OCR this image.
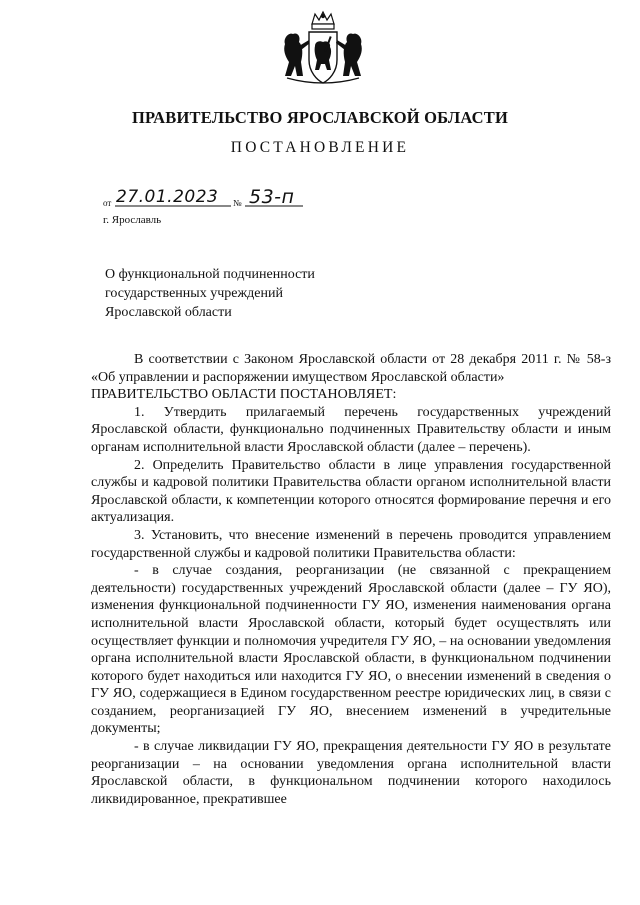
ПРАВИТЕЛЬСТВО ЯРОСЛАВСКОЙ ОБЛАСТИ
ПОСТАНОВЛЕНИЕ
от 27.01.2023 № 53-п
г. Ярославль
О функциональной подчиненности
государственных учреждений
Ярославской области

В соответствии с Законом Ярославской области от 28 декабря 2011 г. № 58-з «Об управлении и распоряжении имуществом Ярославской области»

ПРАВИТЕЛЬСТВО ОБЛАСТИ ПОСТАНОВЛЯЕТ:

1. Утвердить прилагаемый перечень государственных учреждений Ярославской области, функционально подчиненных Правительству области и иным органам исполнительной власти Ярославской области (далее – перечень).

2. Определить Правительство области в лице управления государственной службы и кадровой политики Правительства области органом исполнительной власти Ярославской области, к компетенции которого относятся формирование перечня и его актуализация.

3. Установить, что внесение изменений в перечень проводится управлением государственной службы и кадровой политики Правительства области:

- в случае создания, реорганизации (не связанной с прекращением деятельности) государственных учреждений Ярославской области (далее – ГУ ЯО), изменения функциональной подчиненности ГУ ЯО, изменения наименования органа исполнительной власти Ярославской области, который будет осуществлять или осуществляет функции и полномочия учредителя ГУ ЯО, – на основании уведомления органа исполнительной власти Ярославской области, в функциональном подчинении которого будет находиться или находится ГУ ЯО, о внесении изменений в сведения о ГУ ЯО, содержащиеся в Едином государственном реестре юридических лиц, в связи с созданием, реорганизацией ГУ ЯО, внесением изменений в учредительные документы;

- в случае ликвидации ГУ ЯО, прекращения деятельности ГУ ЯО в результате реорганизации – на основании уведомления органа исполнительной власти Ярославской области, в функциональном подчинении которого находилось ликвидированное, прекратившее
